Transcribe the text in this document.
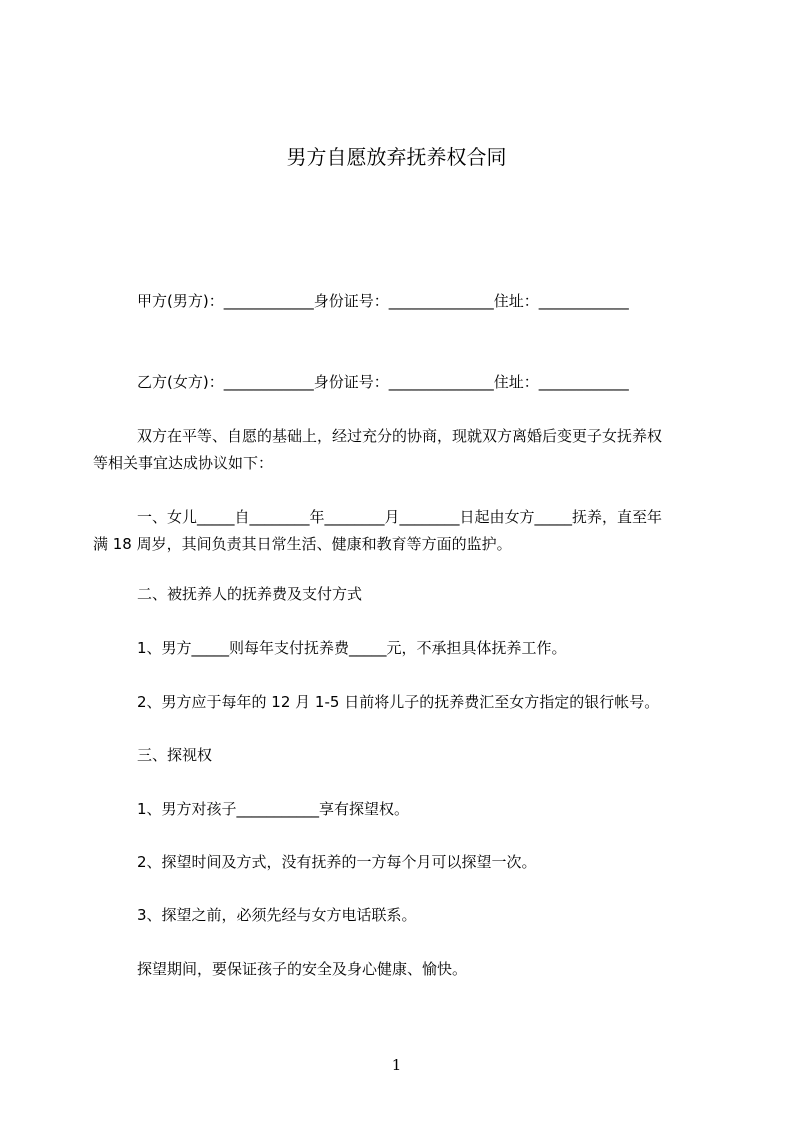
男方自愿放弃抚养权合同
甲方(男方)：____________身份证号：______________住址：____________
乙方(女方)：____________身份证号：______________住址：____________
双方在平等、自愿的基础上，经过充分的协商，现就双方离婚后变更子女抚养权
等相关事宜达成协议如下：
一、女儿_____自________年________月________日起由女方_____抚养，直至年
满 18 周岁，其间负责其日常生活、健康和教育等方面的监护。
二、被抚养人的抚养费及支付方式
1、男方_____则每年支付抚养费_____元，不承担具体抚养工作。
2、男方应于每年的 12 月 1-5 日前将儿子的抚养费汇至女方指定的银行帐号。
三、探视权
1、男方对孩子___________享有探望权。
2、探望时间及方式，没有抚养的一方每个月可以探望一次。
3、探望之前，必须先经与女方电话联系。
探望期间，要保证孩子的安全及身心健康、愉快。
1
